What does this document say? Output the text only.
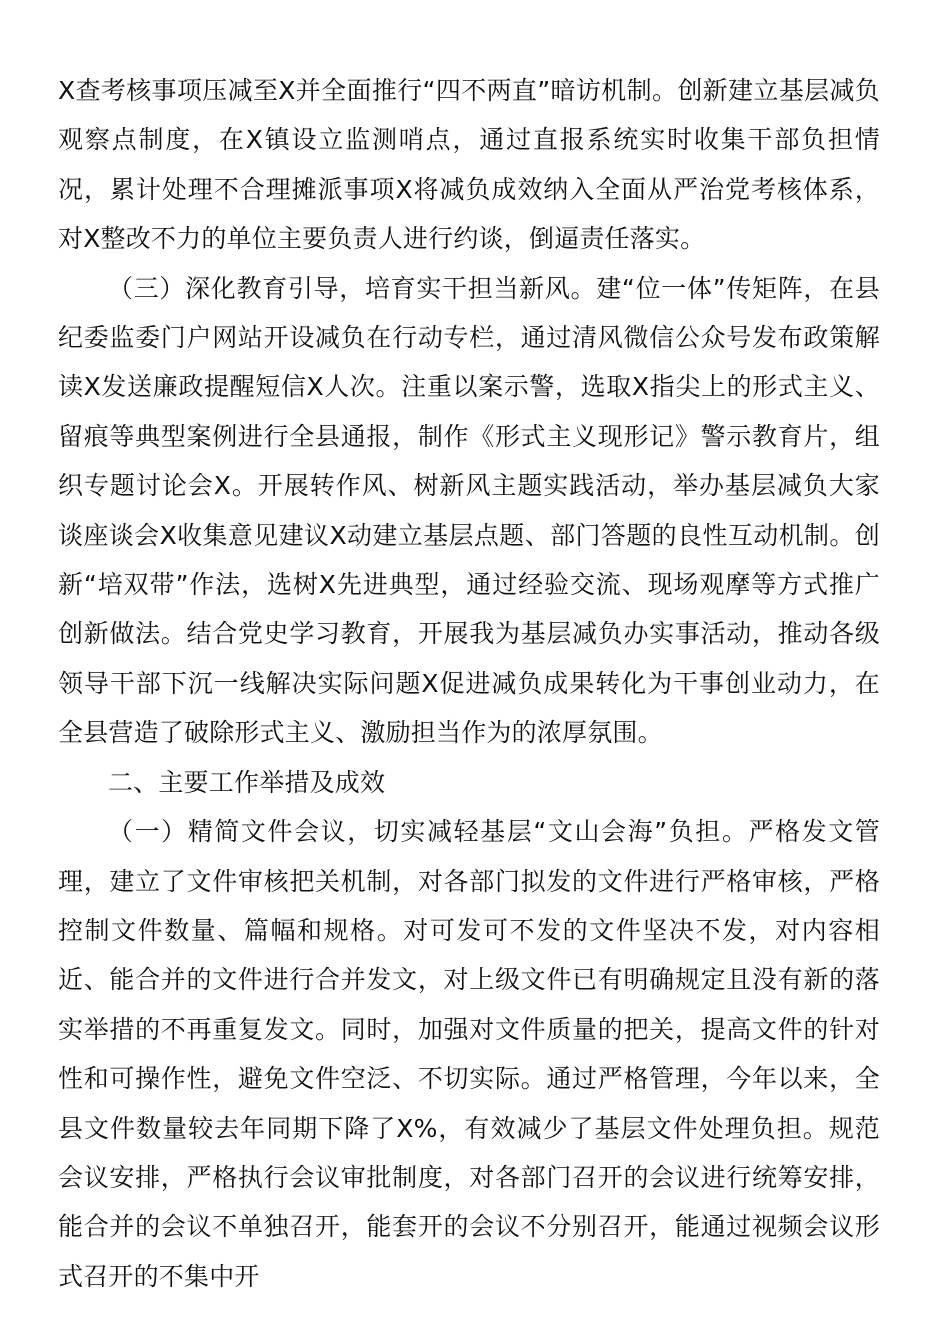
X查考核事项压减至X并全面推行“四不两直”暗访机制。创新建立基层减负观察点制度，在X镇设立监测哨点，通过直报系统实时收集干部负担情况，累计处理不合理摊派事项X将减负成效纳入全面从严治党考核体系，对X整改不力的单位主要负责人进行约谈，倒逼责任落实。

（三）深化教育引导，培育实干担当新风。建“位一体”传矩阵，在县纪委监委门户网站开设减负在行动专栏，通过清风微信公众号发布政策解读X发送廉政提醒短信X人次。注重以案示警，选取X指尖上的形式主义、留痕等典型案例进行全县通报，制作《形式主义现形记》警示教育片，组织专题讨论会X。开展转作风、树新风主题实践活动，举办基层减负大家谈座谈会X收集意见建议X动建立基层点题、部门答题的良性互动机制。创新“培双带”作法，选树X先进典型，通过经验交流、现场观摩等方式推广创新做法。结合党史学习教育，开展我为基层减负办实事活动，推动各级领导干部下沉一线解决实际问题X促进减负成果转化为干事创业动力，在全县营造了破除形式主义、激励担当作为的浓厚氛围。

二、主要工作举措及成效

（一）精简文件会议，切实减轻基层“文山会海”负担。严格发文管理，建立了文件审核把关机制，对各部门拟发的文件进行严格审核，严格控制文件数量、篇幅和规格。对可发可不发的文件坚决不发，对内容相近、能合并的文件进行合并发文，对上级文件已有明确规定且没有新的落实举措的不再重复发文。同时，加强对文件质量的把关，提高文件的针对性和可操作性，避免文件空泛、不切实际。通过严格管理，今年以来，全县文件数量较去年同期下降了X%，有效减少了基层文件处理负担。规范会议安排，严格执行会议审批制度，对各部门召开的会议进行统筹安排，能合并的会议不单独召开，能套开的会议不分别召开，能通过视频会议形式召开的不集中开
